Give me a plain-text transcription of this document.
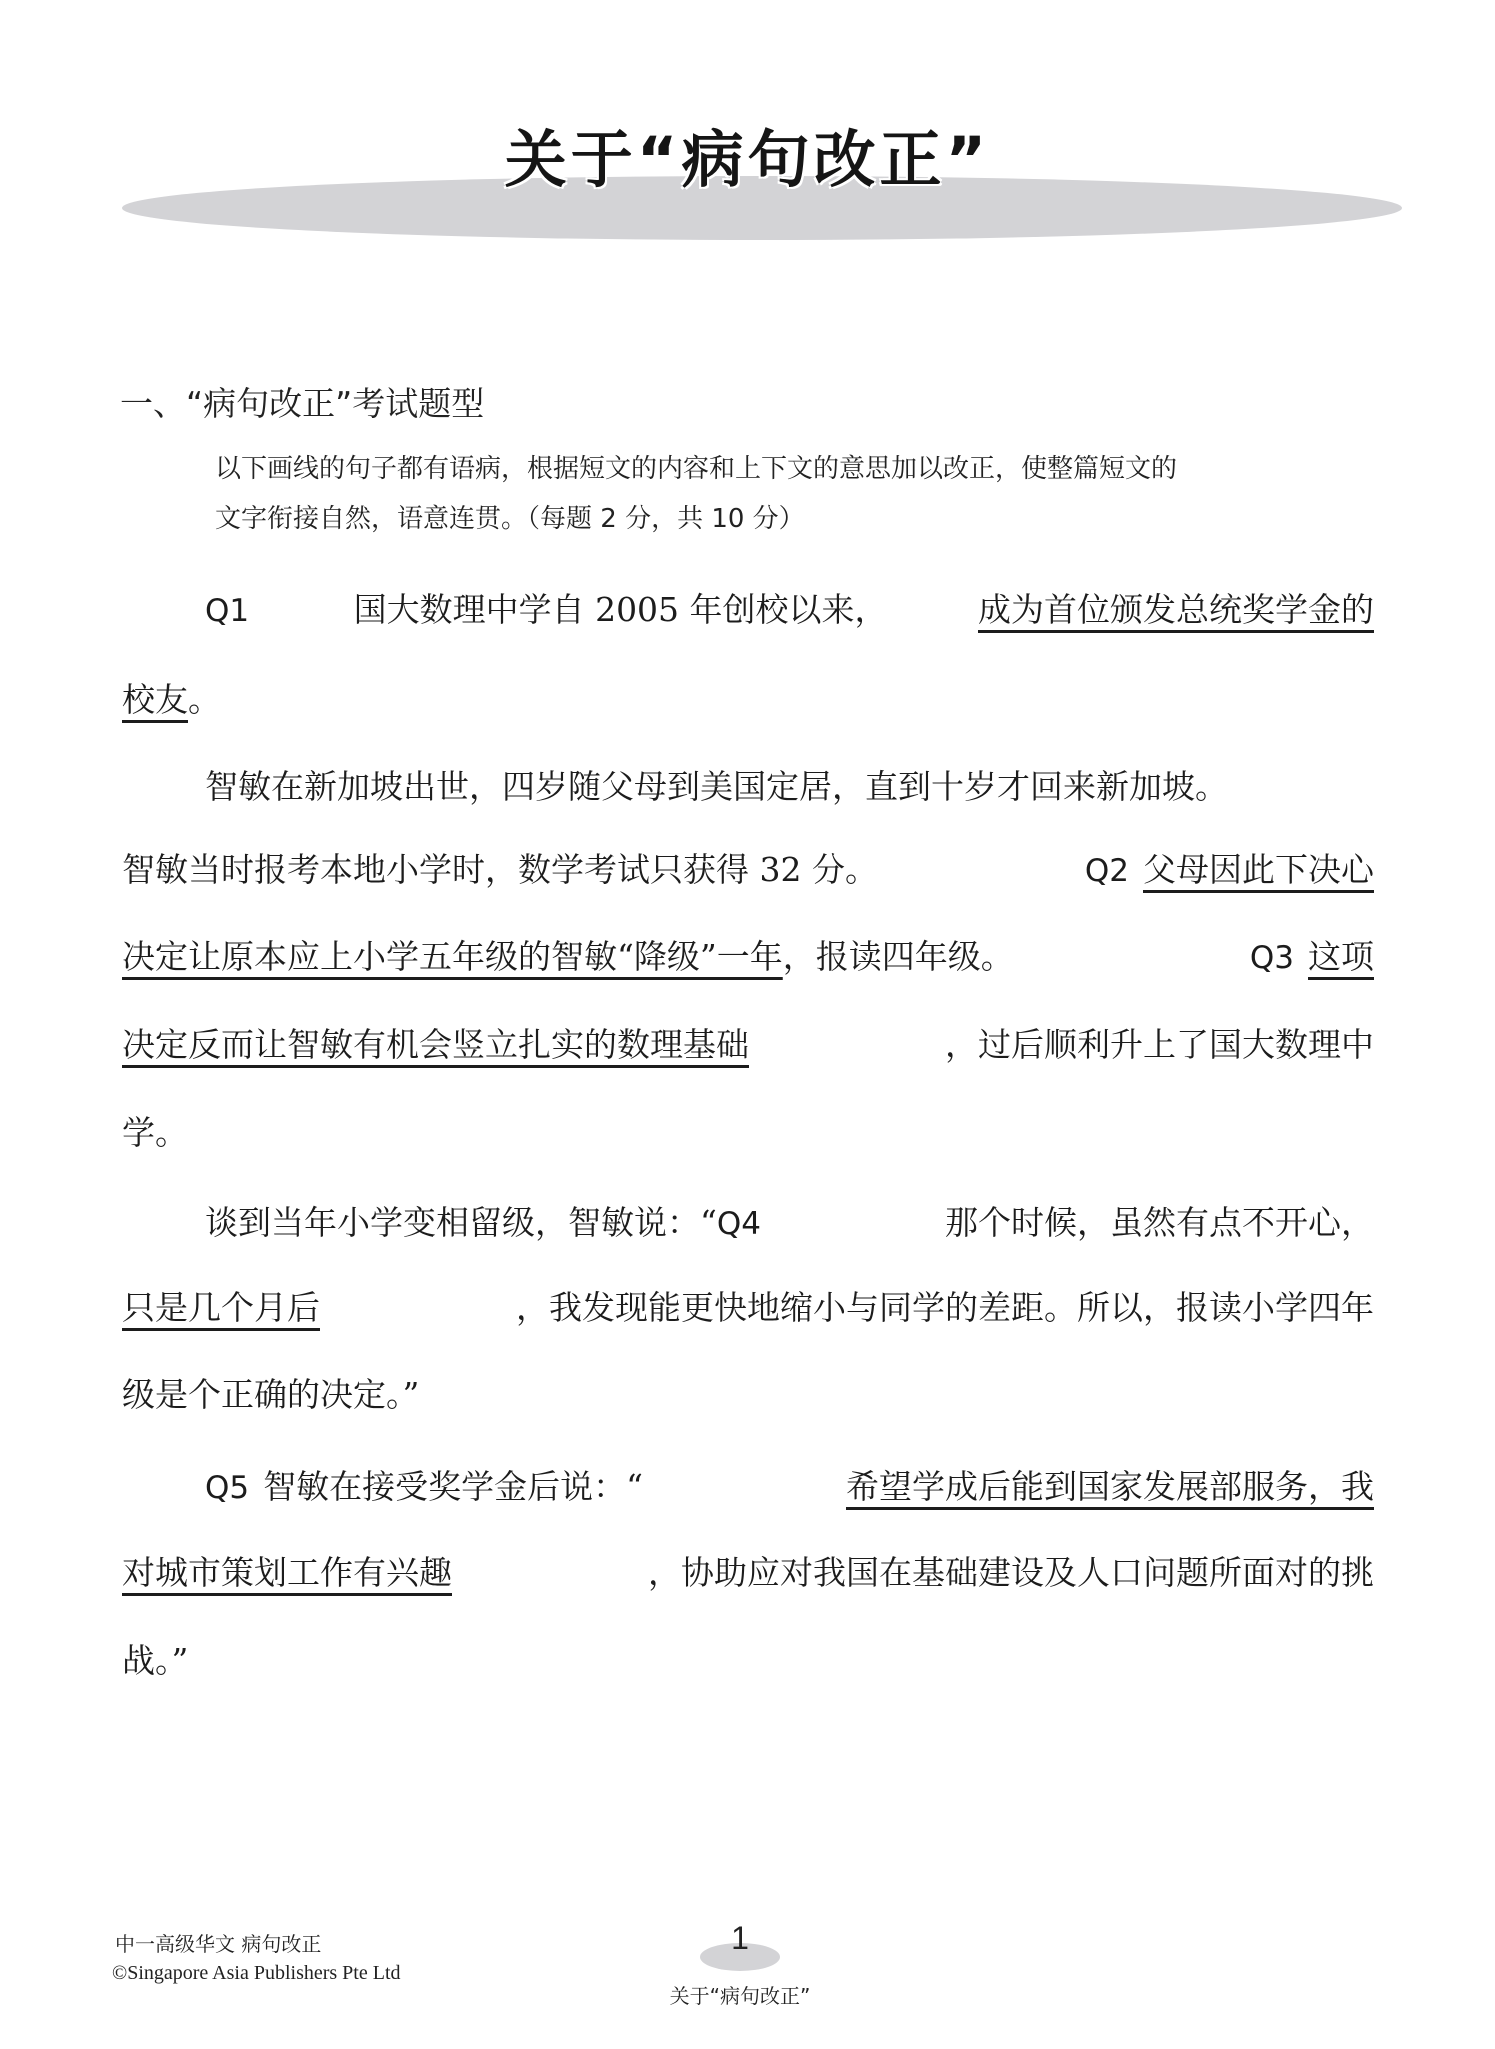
关于“病句改正”
一、“病句改正”考试题型
以下画线的句子都有语病，根据短文的内容和上下文的意思加以改正，使整篇短文的
文字衔接自然，语意连贯。（每题 2 分，共 10 分）
Q1	国大数理中学自 2005 年创校以来，	成为首位颁发总统奖学金的
校友 。
智敏在新加坡出世，四岁随父母到美国定居，直到十岁才回来新加坡。
智敏当时报考本地小学时，数学考试只获得 32 分。	Q2 父母因此下决心
决定让原本应上小学五年级的智敏“降级”一年 ，报读四年级。	Q3 这项
决定反而让智敏有机会竖立扎实的数理基础	，过后顺利升上了国大数理中
学。
谈到当年小学变相留级，智敏说：“ Q4	那个时候，虽然有点不开心，
只是几个月后	，我发现能更快地缩小与同学的差距。所以，报读小学四年
级是个正确的决定。”
Q5 智敏在接受奖学金后说：“	希望学成后能到国家发展部服务，我
对城市策划工作有兴趣	，协助应对我国在基础建设及人口问题所面对的挑
战。”
中一高级华文 病句改正
©Singapore Asia Publishers Pte Ltd
1
关于“病句改正”
